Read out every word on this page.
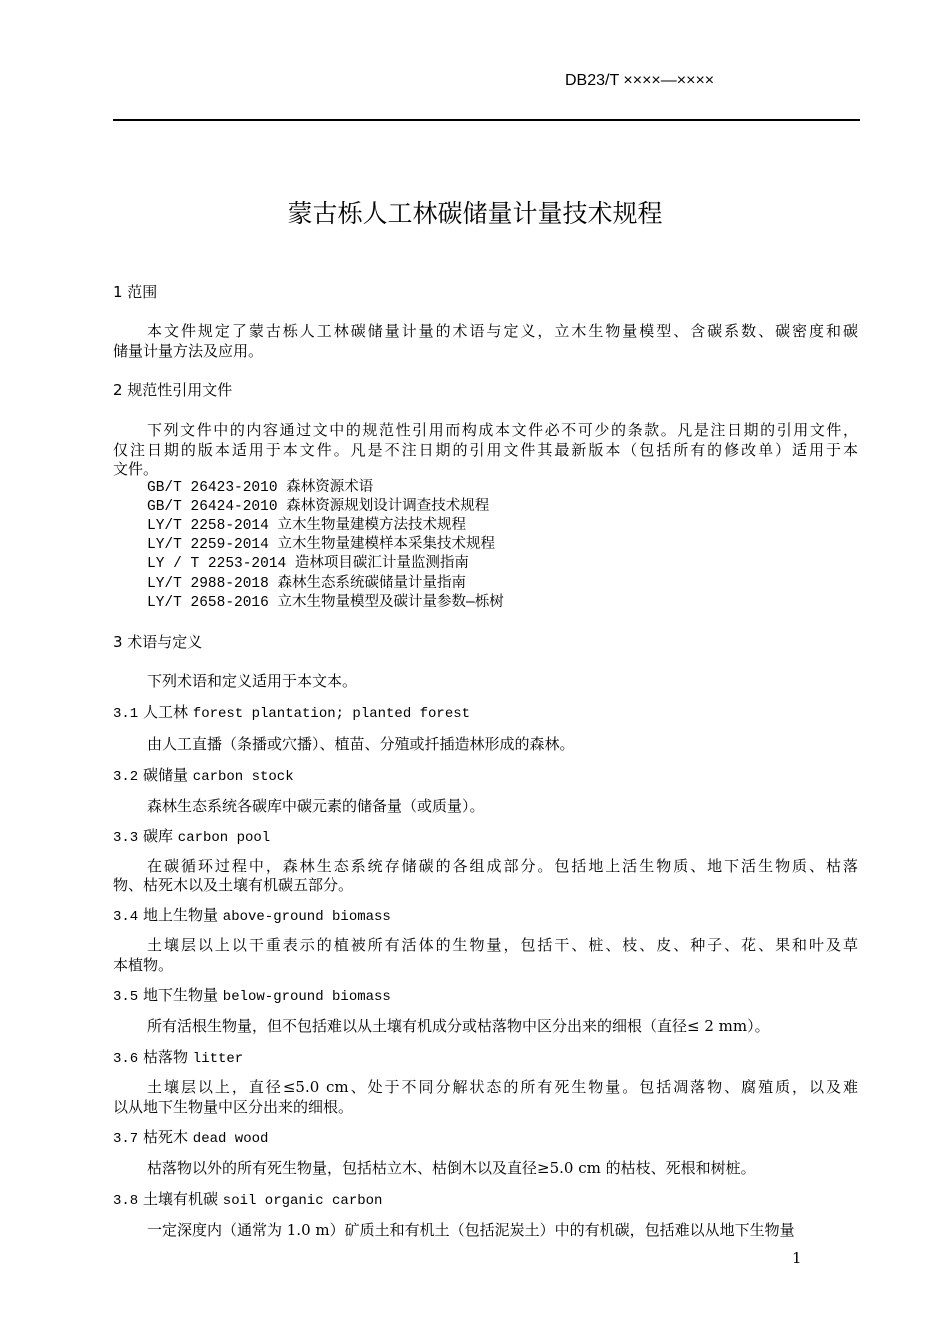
DB23/T ××××—××××
蒙古栎人工林碳储量计量技术规程
1 范围
本文件规定了蒙古栎人工林碳储量计量的术语与定义，立木生物量模型、含碳系数、碳密度和碳
储量计量方法及应用。
2 规范性引用文件
下列文件中的内容通过文中的规范性引用而构成本文件必不可少的条款。凡是注日期的引用文件，
仅注日期的版本适用于本文件。凡是不注日期的引用文件其最新版本（包括所有的修改单）适用于本
文件。
GB/T 26423-2010 森林资源术语
GB/T 26424-2010 森林资源规划设计调查技术规程
LY/T 2258-2014 立木生物量建模方法技术规程
LY/T 2259-2014 立木生物量建模样本采集技术规程
LY / T 2253-2014 造林项目碳汇计量监测指南
LY/T 2988-2018 森林生态系统碳储量计量指南
LY/T 2658-2016 立木生物量模型及碳计量参数—栎树
3 术语与定义
下列术语和定义适用于本文本。
3.1 人工林 forest plantation; planted forest
由人工直播（条播或穴播）、植苗、分殖或扦插造林形成的森林。
3.2 碳储量 carbon stock
森林生态系统各碳库中碳元素的储备量（或质量）。
3.3 碳库 carbon pool
在碳循环过程中，森林生态系统存储碳的各组成部分。包括地上活生物质、地下活生物质、枯落
物、枯死木以及土壤有机碳五部分。
3.4 地上生物量 above-ground biomass
土壤层以上以干重表示的植被所有活体的生物量，包括干、桩、枝、皮、种子、花、果和叶及草
本植物。
3.5 地下生物量 below-ground biomass
所有活根生物量，但不包括难以从土壤有机成分或枯落物中区分出来的细根（直径≤ 2 mm）。
3.6 枯落物 litter
土壤层以上，直径≤5.0 cm、处于不同分解状态的所有死生物量。包括凋落物、腐殖质，以及难
以从地下生物量中区分出来的细根。
3.7 枯死木 dead wood
枯落物以外的所有死生物量，包括枯立木、枯倒木以及直径≥5.0 cm 的枯枝、死根和树桩。
3.8 土壤有机碳 soil organic carbon
一定深度内（通常为 1.0 m）矿质土和有机土（包括泥炭土）中的有机碳，包括难以从地下生物量
1
